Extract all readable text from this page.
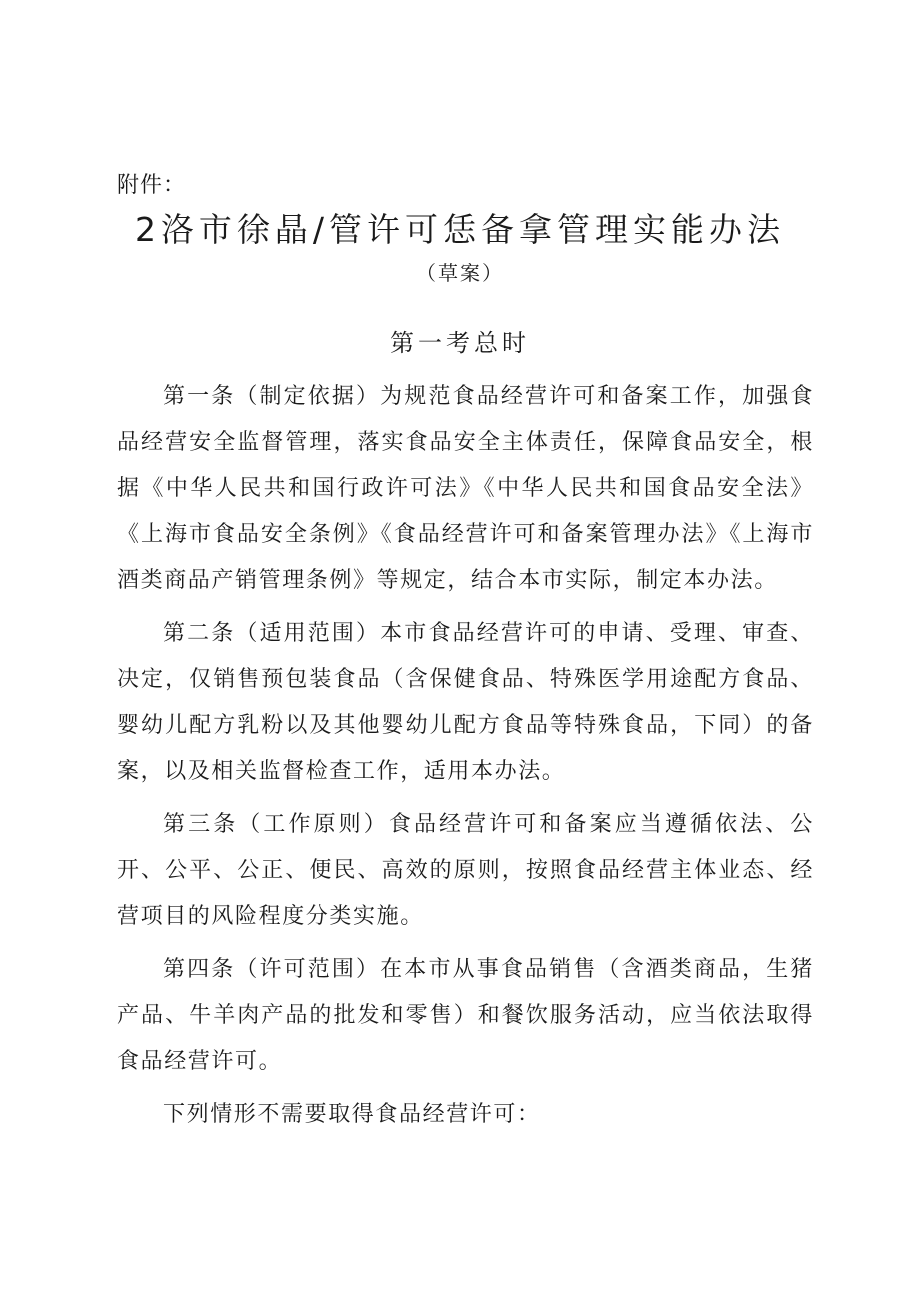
附件：
2洛市徐晶/管许可恁备拿管理实能办法
（草案）
第一考总时

第一条（制定依据）为规范食品经营许可和备案工作，加强食品经营安全监督管理，落实食品安全主体责任，保障食品安全，根据《中华人民共和国行政许可法》《中华人民共和国食品安全法》《上海市食品安全条例》《食品经营许可和备案管理办法》《上海市酒类商品产销管理条例》等规定，结合本市实际，制定本办法。

第二条（适用范围）本市食品经营许可的申请、受理、审查、决定，仅销售预包装食品（含保健食品、特殊医学用途配方食品、婴幼儿配方乳粉以及其他婴幼儿配方食品等特殊食品，下同）的备案，以及相关监督检查工作，适用本办法。

第三条（工作原则）食品经营许可和备案应当遵循依法、公开、公平、公正、便民、高效的原则，按照食品经营主体业态、经营项目的风险程度分类实施。

第四条（许可范围）在本市从事食品销售（含酒类商品，生猪产品、牛羊肉产品的批发和零售）和餐饮服务活动，应当依法取得食品经营许可。

下列情形不需要取得食品经营许可：
